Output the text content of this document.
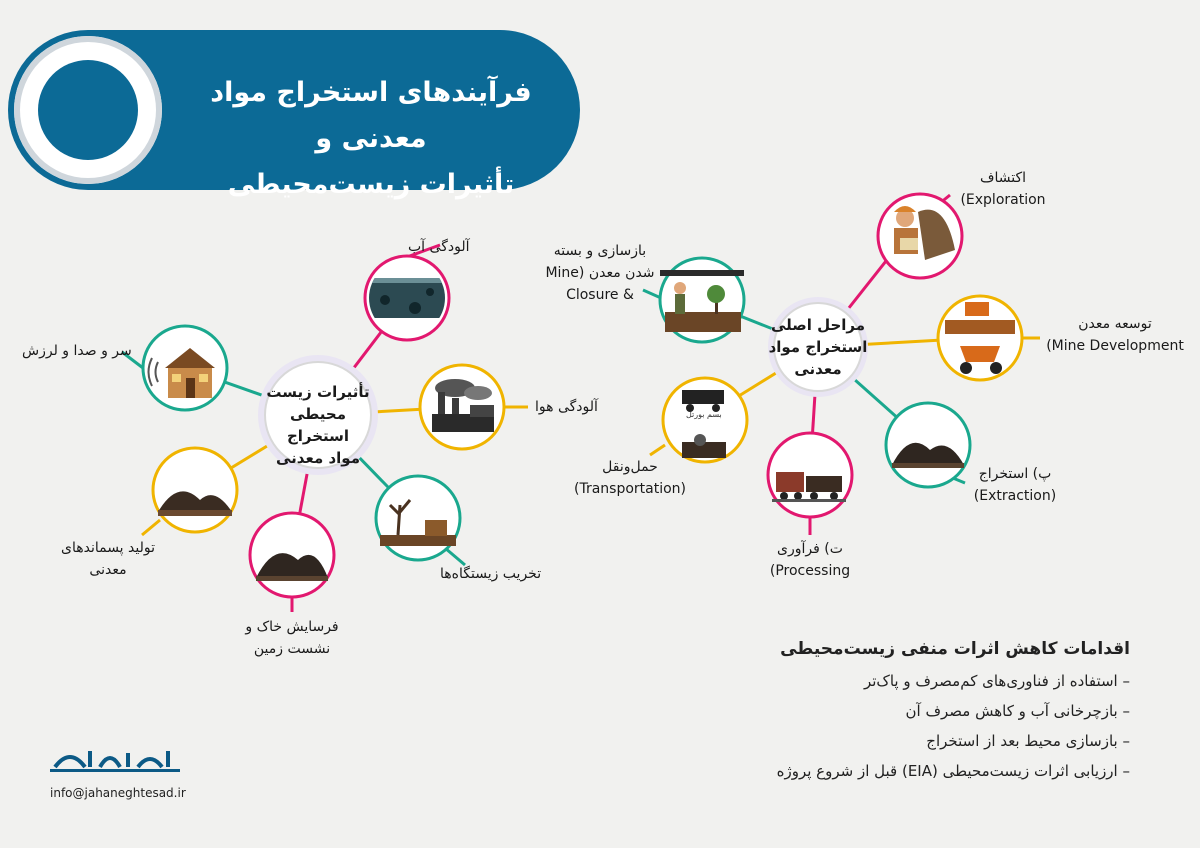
فرآیندهای استخراج مواد معدنی و
تأثیرات زیست‌محیطی
تأثیرات زیست
محیطی استخراج
مواد معدنی
مراحل اصلی
استخراج مواد
معدنی
آلودگی آب
سر و صدا و لرزش
آلودگی هوا
تولید پسماندهای
معدنی
فرسایش خاک و
نشست زمین
تخریب زیستگاه‌ها
اکتشاف
(Exploration
توسعه معدن
(Mine Development
پ) استخراج
(Extraction)
ت) فرآوری
(Processing
حمل‌ونقل
(Transportation)
بازسازی و بسته
شدن معدن (Mine
Closure &
بسم بورتل
اقدامات کاهش اثرات منفی زیست‌محیطی
– استفاده از فناوری‌های کم‌مصرف و پاک‌تر
– بازچرخانی آب و کاهش مصرف آن
– بازسازی محیط بعد از استخراج
– ارزیابی اثرات زیست‌محیطی (EIA) قبل از شروع پروژه
info@jahaneghtesad.ir
